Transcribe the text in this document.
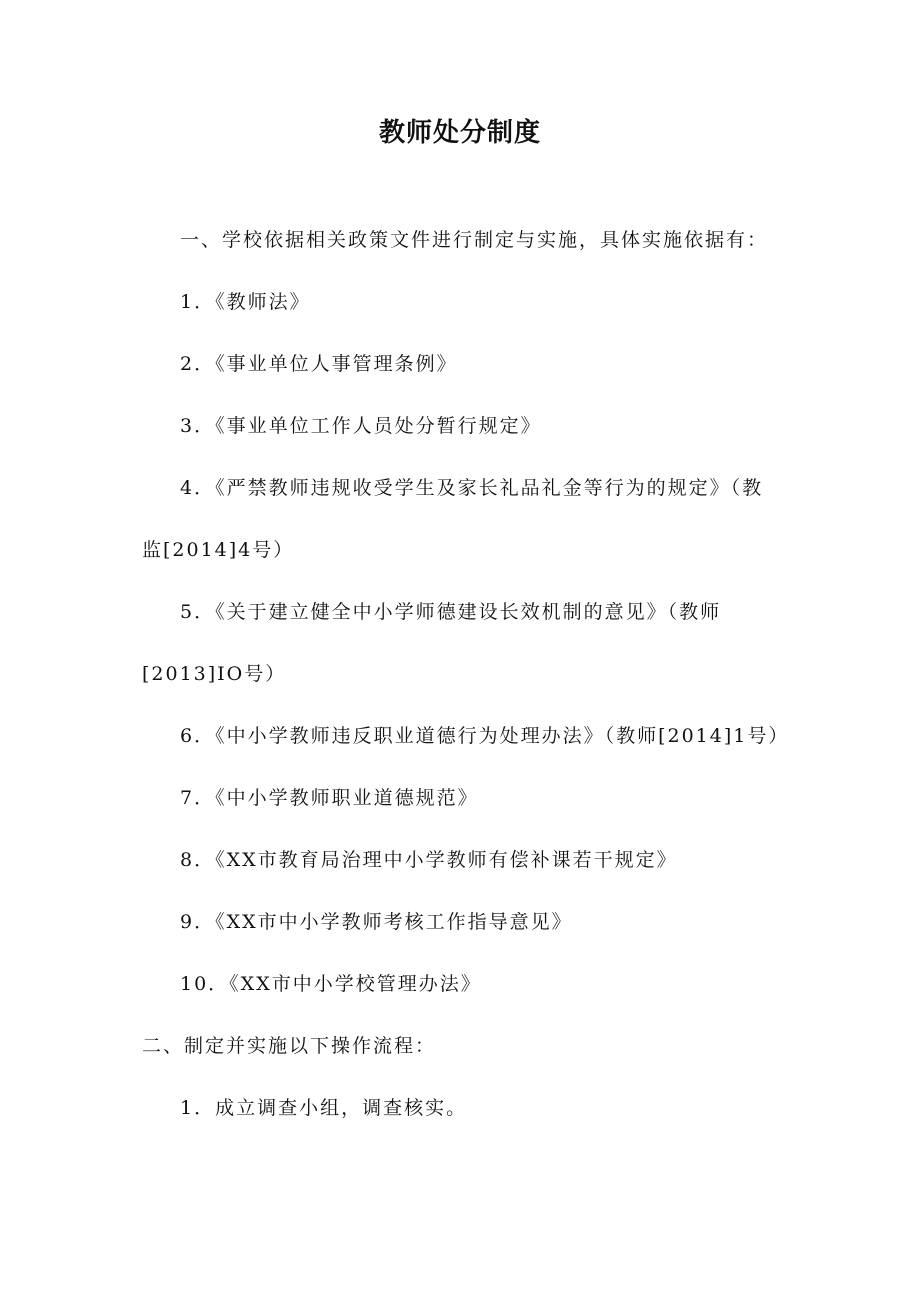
教师处分制度
一、学校依据相关政策文件进行制定与实施，具体实施依据有：
1．《教师法》
2．《事业单位人事管理条例》
3．《事业单位工作人员处分暂行规定》
4．《严禁教师违规收受学生及家长礼品礼金等行为的规定》（教
监[2014]4号）
5．《关于建立健全中小学师德建设长效机制的意见》（教师
[2013]IO号）
6．《中小学教师违反职业道德行为处理办法》（教师[2014]1号）
7．《中小学教师职业道德规范》
8．《XX市教育局治理中小学教师有偿补课若干规定》
9．《XX市中小学教师考核工作指导意见》
10．《XX市中小学校管理办法》
二、制定并实施以下操作流程：
1．成立调查小组，调查核实。
